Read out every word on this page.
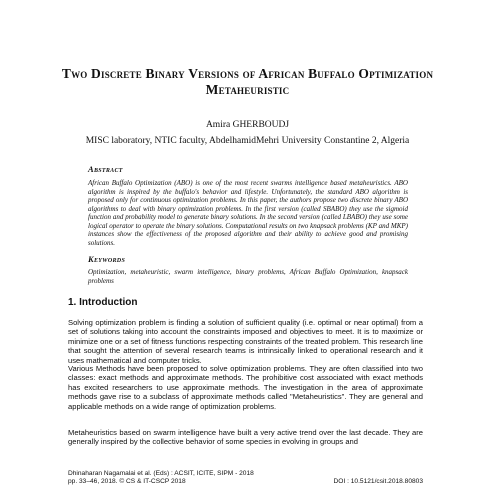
Two Discrete Binary Versions of African Buffalo Optimization Metaheuristic
Amira GHERBOUDJ
MISC laboratory, NTIC faculty, AbdelhamidMehri University Constantine 2, Algeria
Abstract
African Buffalo Optimization (ABO) is one of the most recent swarms intelligence based metaheuristics. ABO algorithm is inspired by the buffalo's behavior and lifestyle. Unfortunately, the standard ABO algorithm is proposed only for continuous optimization problems. In this paper, the authors propose two discrete binary ABO algorithms to deal with binary optimization problems. In the first version (called SBABO) they use the sigmoid function and probability model to generate binary solutions. In the second version (called LBABO) they use some logical operator to operate the binary solutions. Computational results on two knapsack problems (KP and MKP) instances show the effectiveness of the proposed algorithm and their ability to achieve good and promising solutions.
Keywords
Optimization, metaheuristic, swarm intelligence, binary problems, African Buffalo Optimization, knapsack problems
1. Introduction
Solving optimization problem is finding a solution of sufficient quality (i.e. optimal or near optimal) from a set of solutions taking into account the constraints imposed and objectives to meet. It is to maximize or minimize one or a set of fitness functions respecting constraints of the treated problem. This research line that sought the attention of several research teams is intrinsically linked to operational research and it uses mathematical and computer tricks.
Various Methods have been proposed to solve optimization problems. They are often classified into two classes: exact methods and approximate methods. The prohibitive cost associated with exact methods has excited researchers to use approximate methods. The investigation in the area of approximate methods gave rise to a subclass of approximate methods called "Metaheuristics". They are general and applicable methods on a wide range of optimization problems.
Metaheuristics based on swarm intelligence have built a very active trend over the last decade. They are generally inspired by the collective behavior of some species in evolving in groups and
Dhinaharan Nagamalai et al. (Eds) : ACSIT, ICITE, SIPM - 2018
pp. 33–46, 2018. © CS & IT-CSCP 2018	DOI : 10.5121/csit.2018.80803
